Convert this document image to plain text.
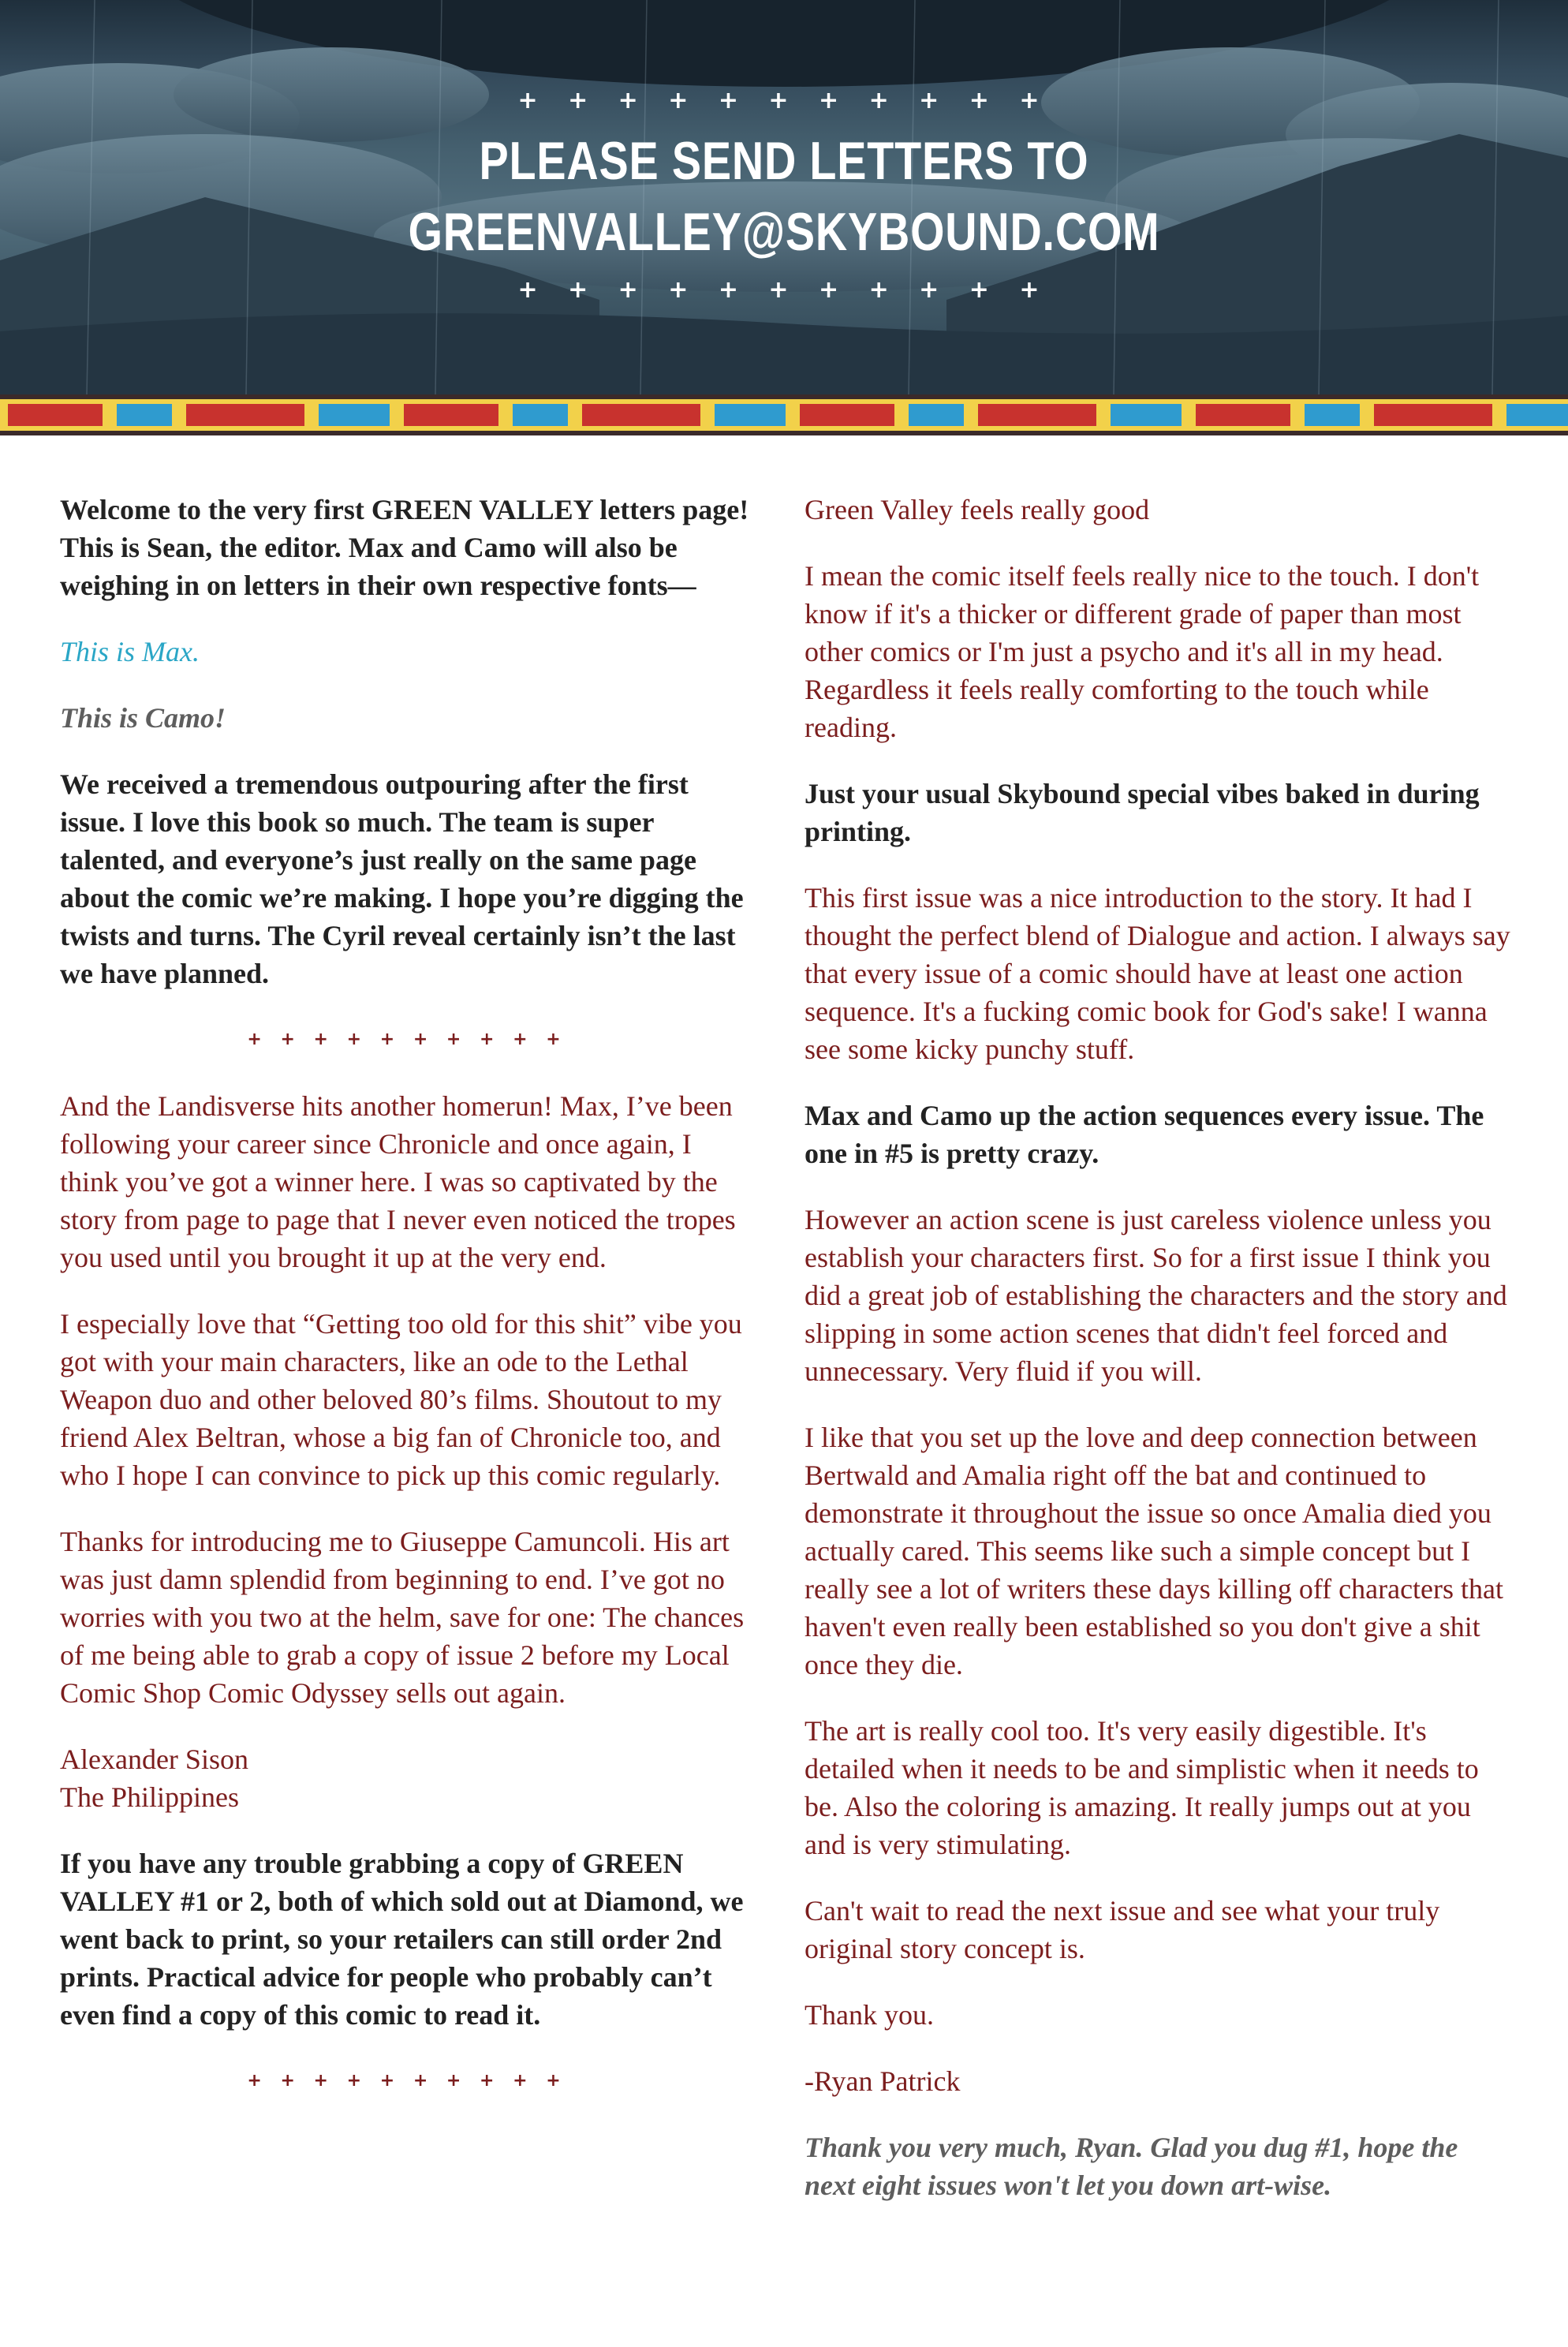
+ + + + + + + + + + +
PLEASE SEND LETTERS TO
GREENVALLEY@SKYBOUND.COM
+ + + + + + + + + + +

Welcome to the very first GREEN VALLEY letters page! This is Sean, the editor. Max and Camo will also be weighing in on letters in their own respective fonts—

This is Max.

This is Camo!

We received a tremendous outpouring after the first issue. I love this book so much. The team is super talented, and everyone’s just really on the same page about the comic we’re making. I hope you’re digging the twists and turns. The Cyril reveal certainly isn’t the last we have planned.

+ + + + + + + + + +

And the Landisverse hits another homerun! Max, I’ve been following your career since Chronicle and once again, I think you’ve got a winner here. I was so captivated by the story from page to page that I never even noticed the tropes you used until you brought it up at the very end.

I especially love that “Getting too old for this shit” vibe you got with your main characters, like an ode to the Lethal Weapon duo and other beloved 80’s films. Shoutout to my friend Alex Beltran, whose a big fan of Chronicle too, and who I hope I can convince to pick up this comic regularly.

Thanks for introducing me to Giuseppe Camuncoli. His art was just damn splendid from beginning to end. I’ve got no worries with you two at the helm, save for one: The chances of me being able to grab a copy of issue 2 before my Local Comic Shop Comic Odyssey sells out again.

Alexander Sison
The Philippines

If you have any trouble grabbing a copy of GREEN VALLEY #1 or 2, both of which sold out at Diamond, we went back to print, so your retailers can still order 2nd prints. Practical advice for people who probably can’t even find a copy of this comic to read it.

+ + + + + + + + + +

Green Valley feels really good

I mean the comic itself feels really nice to the touch. I don't know if it's a thicker or different grade of paper than most other comics or I'm just a psycho and it's all in my head. Regardless it feels really comforting to the touch while reading.

Just your usual Skybound special vibes baked in during printing.

This first issue was a nice introduction to the story. It had I thought the perfect blend of Dialogue and action. I always say that every issue of a comic should have at least one action sequence. It's a fucking comic book for God's sake! I wanna see some kicky punchy stuff.

Max and Camo up the action sequences every issue. The one in #5 is pretty crazy.

However an action scene is just careless violence unless you establish your characters first. So for a first issue I think you did a great job of establishing the characters and the story and slipping in some action scenes that didn't feel forced and unnecessary. Very fluid if you will.

I like that you set up the love and deep connection between Bertwald and Amalia right off the bat and continued to demonstrate it throughout the issue so once Amalia died you actually cared. This seems like such a simple concept but I really see a lot of writers these days killing off characters that haven't even really been established so you don't give a shit once they die.

The art is really cool too. It's very easily digestible. It's detailed when it needs to be and simplistic when it needs to be. Also the coloring is amazing. It really jumps out at you and is very stimulating.

Can't wait to read the next issue and see what your truly original story concept is.

Thank you.

-Ryan Patrick

Thank you very much, Ryan. Glad you dug #1, hope the next eight issues won't let you down art-wise.
